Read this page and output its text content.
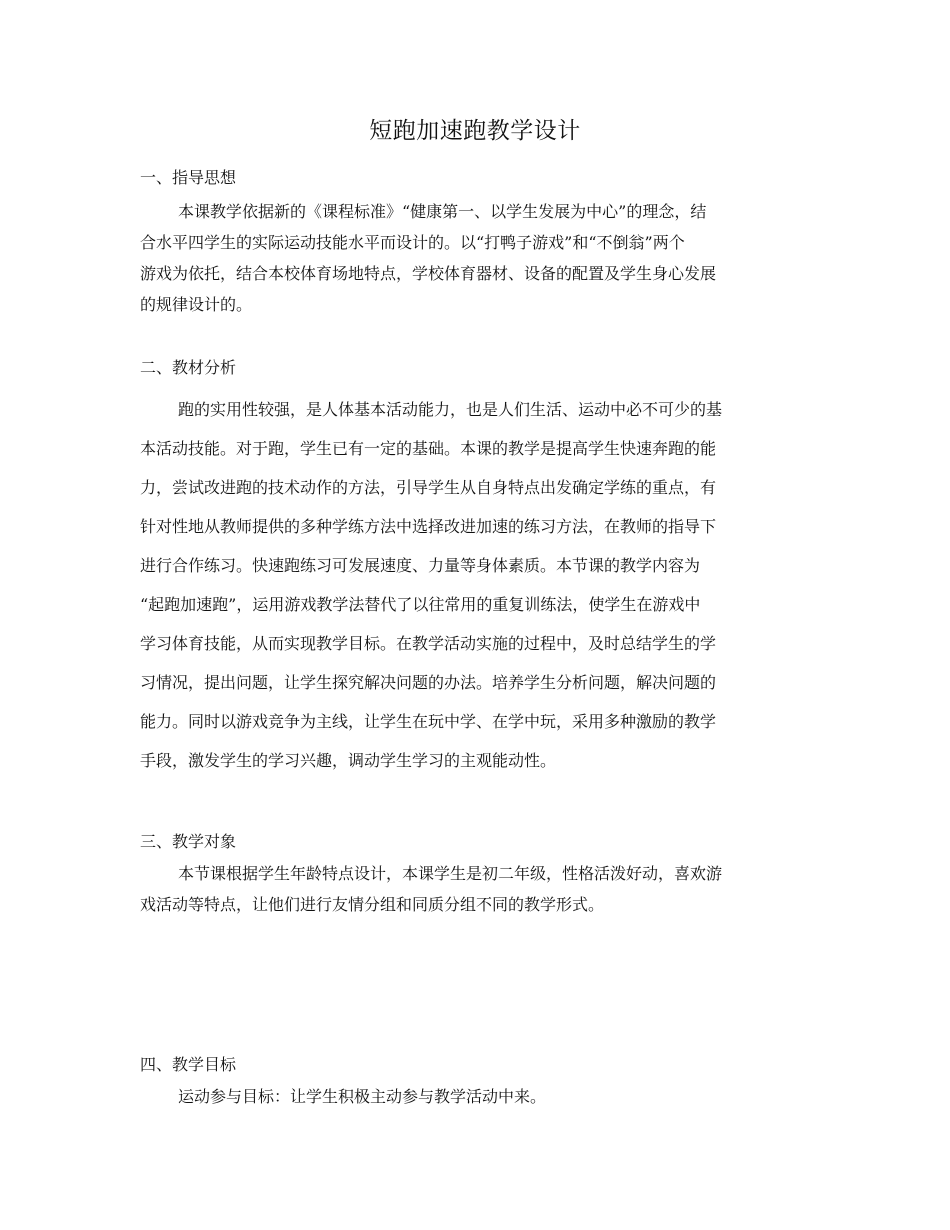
短跑加速跑教学设计
一、指导思想
本课教学依据新的《课程标准》“健康第一、以学生发展为中心”的理念，结
合水平四学生的实际运动技能水平而设计的。以“打鸭子游戏”和“不倒翁”两个
游戏为依托，结合本校体育场地特点，学校体育器材、设备的配置及学生身心发展
的规律设计的。
二、教材分析
跑的实用性较强，是人体基本活动能力，也是人们生活、运动中必不可少的基
本活动技能。对于跑，学生已有一定的基础。本课的教学是提高学生快速奔跑的能
力，尝试改进跑的技术动作的方法，引导学生从自身特点出发确定学练的重点，有
针对性地从教师提供的多种学练方法中选择改进加速的练习方法，在教师的指导下
进行合作练习。快速跑练习可发展速度、力量等身体素质。本节课的教学内容为
“起跑加速跑”，运用游戏教学法替代了以往常用的重复训练法，使学生在游戏中
学习体育技能，从而实现教学目标。在教学活动实施的过程中，及时总结学生的学
习情况，提出问题，让学生探究解决问题的办法。培养学生分析问题，解决问题的
能力。同时以游戏竞争为主线，让学生在玩中学、在学中玩，采用多种激励的教学
手段，激发学生的学习兴趣，调动学生学习的主观能动性。
三、教学对象
本节课根据学生年龄特点设计，本课学生是初二年级，性格活泼好动，喜欢游
戏活动等特点，让他们进行友情分组和同质分组不同的教学形式。
四、教学目标
运动参与目标：让学生积极主动参与教学活动中来。
